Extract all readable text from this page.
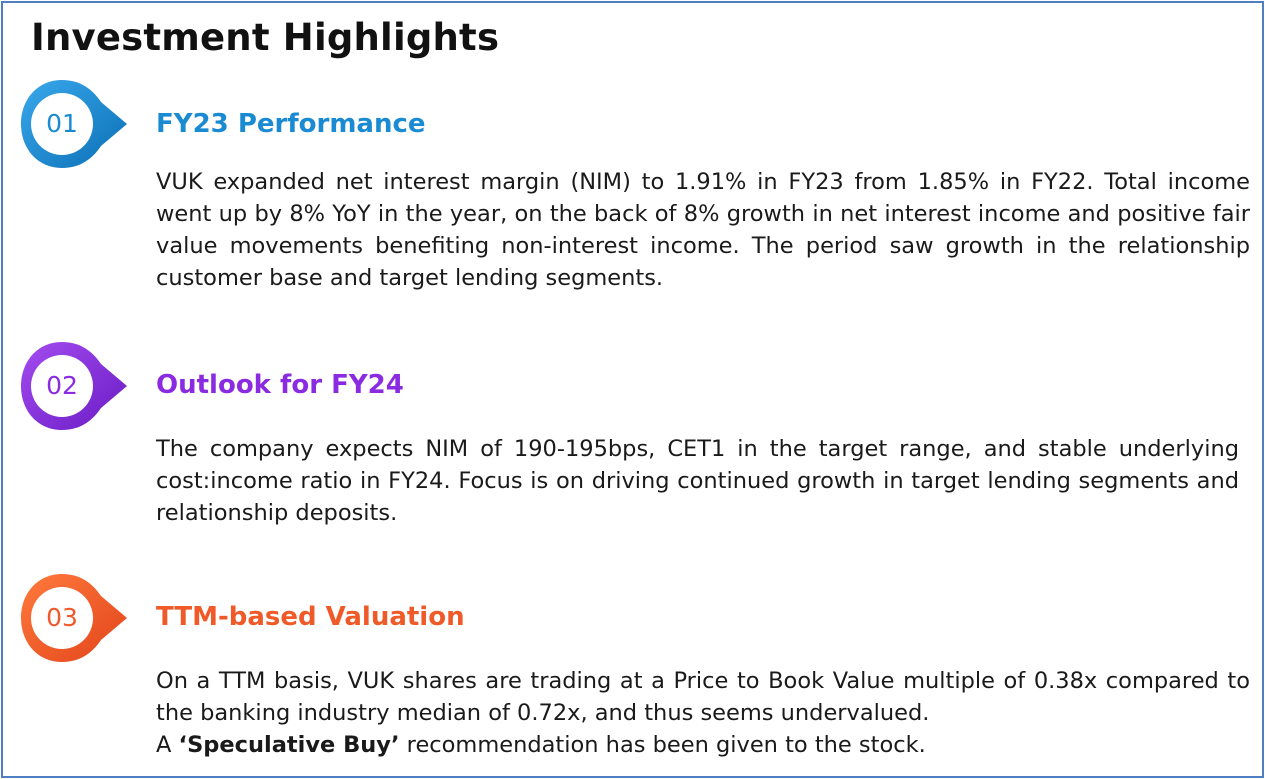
Investment Highlights
01	FY23 Performance
VUK expanded net interest margin (NIM) to 1.91% in FY23 from 1.85% in FY22. Total income went up by 8% YoY in the year, on the back of 8% growth in net interest income and positive fair value movements benefiting non-interest income. The period saw growth in the relationship customer base and target lending segments.
02	Outlook for FY24
The company expects NIM of 190-195bps, CET1 in the target range, and stable underlying cost:income ratio in FY24. Focus is on driving continued growth in target lending segments and relationship deposits.
03	TTM-based Valuation
On a TTM basis, VUK shares are trading at a Price to Book Value multiple of 0.38x compared to the banking industry median of 0.72x, and thus seems undervalued.
A ‘Speculative Buy’ recommendation has been given to the stock.
